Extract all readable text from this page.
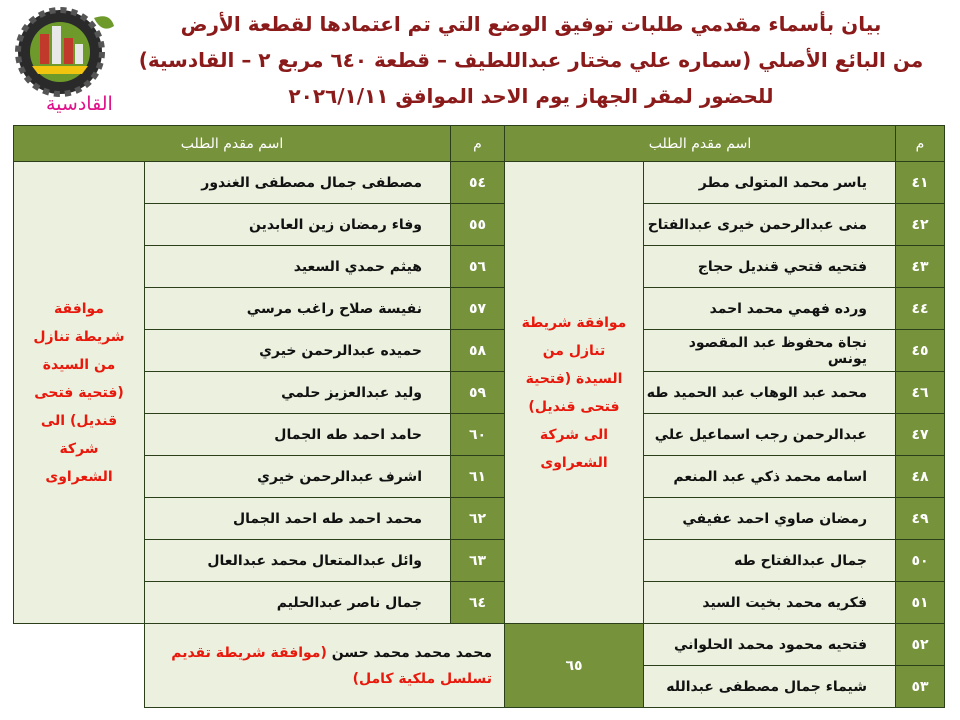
القادسية
بيان بأسماء مقدمي طلبات توفيق الوضع التي تم اعتمادها لقطعة الأرض
من البائع الأصلي (سماره علي مختار عبداللطيف – قطعة ٦٤٠ مربع ٢ – القادسية)
للحضور لمقر الجهاز يوم الاحد الموافق ٢٠٢٦/١/١١
م	اسم مقدم الطلب		م	اسم مقدم الطلب	
٤١	ياسر محمد المتولى مطر	موافقة شريطة تنازل من السيدة (فتحية فتحى قنديل) الى شركة الشعراوى	٥٤	مصطفى جمال مصطفى الغندور	موافقة شريطة تنازل من السيدة (فتحية فتحى قنديل) الى شركة الشعراوى
٤٢	منى عبدالرحمن خيرى عبدالفتاح		٥٥	وفاء رمضان زين العابدين	
٤٣	فتحيه فتحي قنديل حجاج		٥٦	هيثم حمدي السعيد	
٤٤	ورده فهمي محمد احمد		٥٧	نفيسة صلاح راغب مرسي	
٤٥	نجاة محفوظ عبد المقصود يونس		٥٨	حميده عبدالرحمن خيري	
٤٦	محمد عبد الوهاب عبد الحميد طه		٥٩	وليد عبدالعزيز حلمي	
٤٧	عبدالرحمن رجب اسماعيل علي		٦٠	حامد احمد طه الجمال	
٤٨	اسامه محمد ذكي عبد المنعم		٦١	اشرف عبدالرحمن خيري	
٤٩	رمضان صاوي احمد عفيفي		٦٢	محمد احمد طه احمد الجمال	
٥٠	جمال عبدالفتاح طه		٦٣	وائل عبدالمتعال محمد عبدالعال	
٥١	فكريه محمد بخيت السيد		٦٤	جمال ناصر عبدالحليم	
٥٢	فتحيه محمود محمد الحلواني	٦٥	محمد محمد محمد حسن (موافقة شريطة تقديم تسلسل ملكية كامل)		
٥٣	شيماء جمال مصطفى عبدالله				
